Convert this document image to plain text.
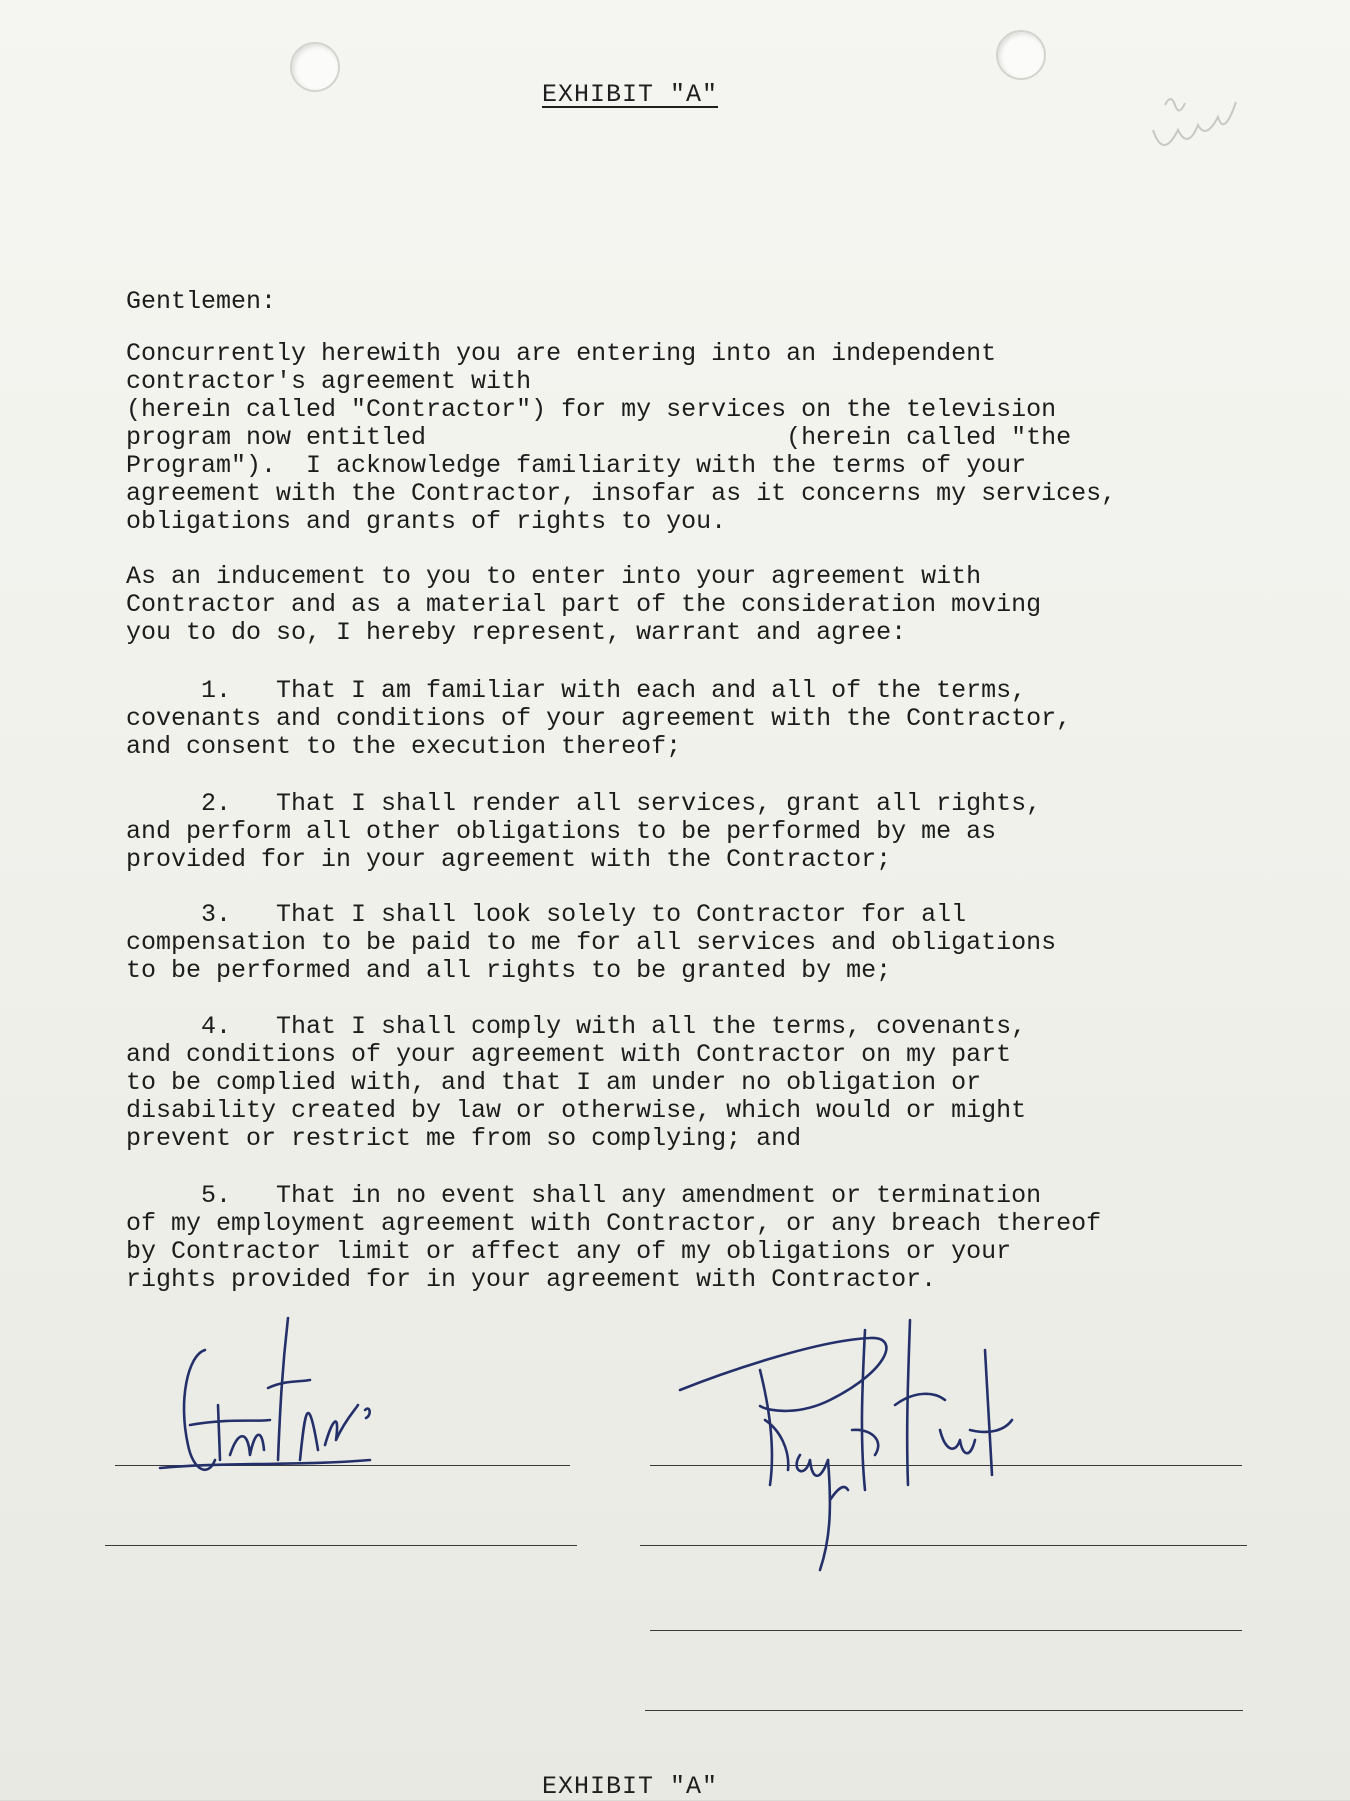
EXHIBIT "A"
Gentlemen:
Concurrently herewith you are entering into an independent
contractor's agreement with
(herein called "Contractor") for my services on the television
program now entitled                        (herein called "the
Program").  I acknowledge familiarity with the terms of your
agreement with the Contractor, insofar as it concerns my services,
obligations and grants of rights to you.
As an inducement to you to enter into your agreement with
Contractor and as a material part of the consideration moving
you to do so, I hereby represent, warrant and agree:
1.   That I am familiar with each and all of the terms,
covenants and conditions of your agreement with the Contractor,
and consent to the execution thereof;
2.   That I shall render all services, grant all rights,
and perform all other obligations to be performed by me as
provided for in your agreement with the Contractor;
3.   That I shall look solely to Contractor for all
compensation to be paid to me for all services and obligations
to be performed and all rights to be granted by me;
4.   That I shall comply with all the terms, covenants,
and conditions of your agreement with Contractor on my part
to be complied with, and that I am under no obligation or
disability created by law or otherwise, which would or might
prevent or restrict me from so complying; and
5.   That in no event shall any amendment or termination
of my employment agreement with Contractor, or any breach thereof
by Contractor limit or affect any of my obligations or your
rights provided for in your agreement with Contractor.
EXHIBIT "A"
